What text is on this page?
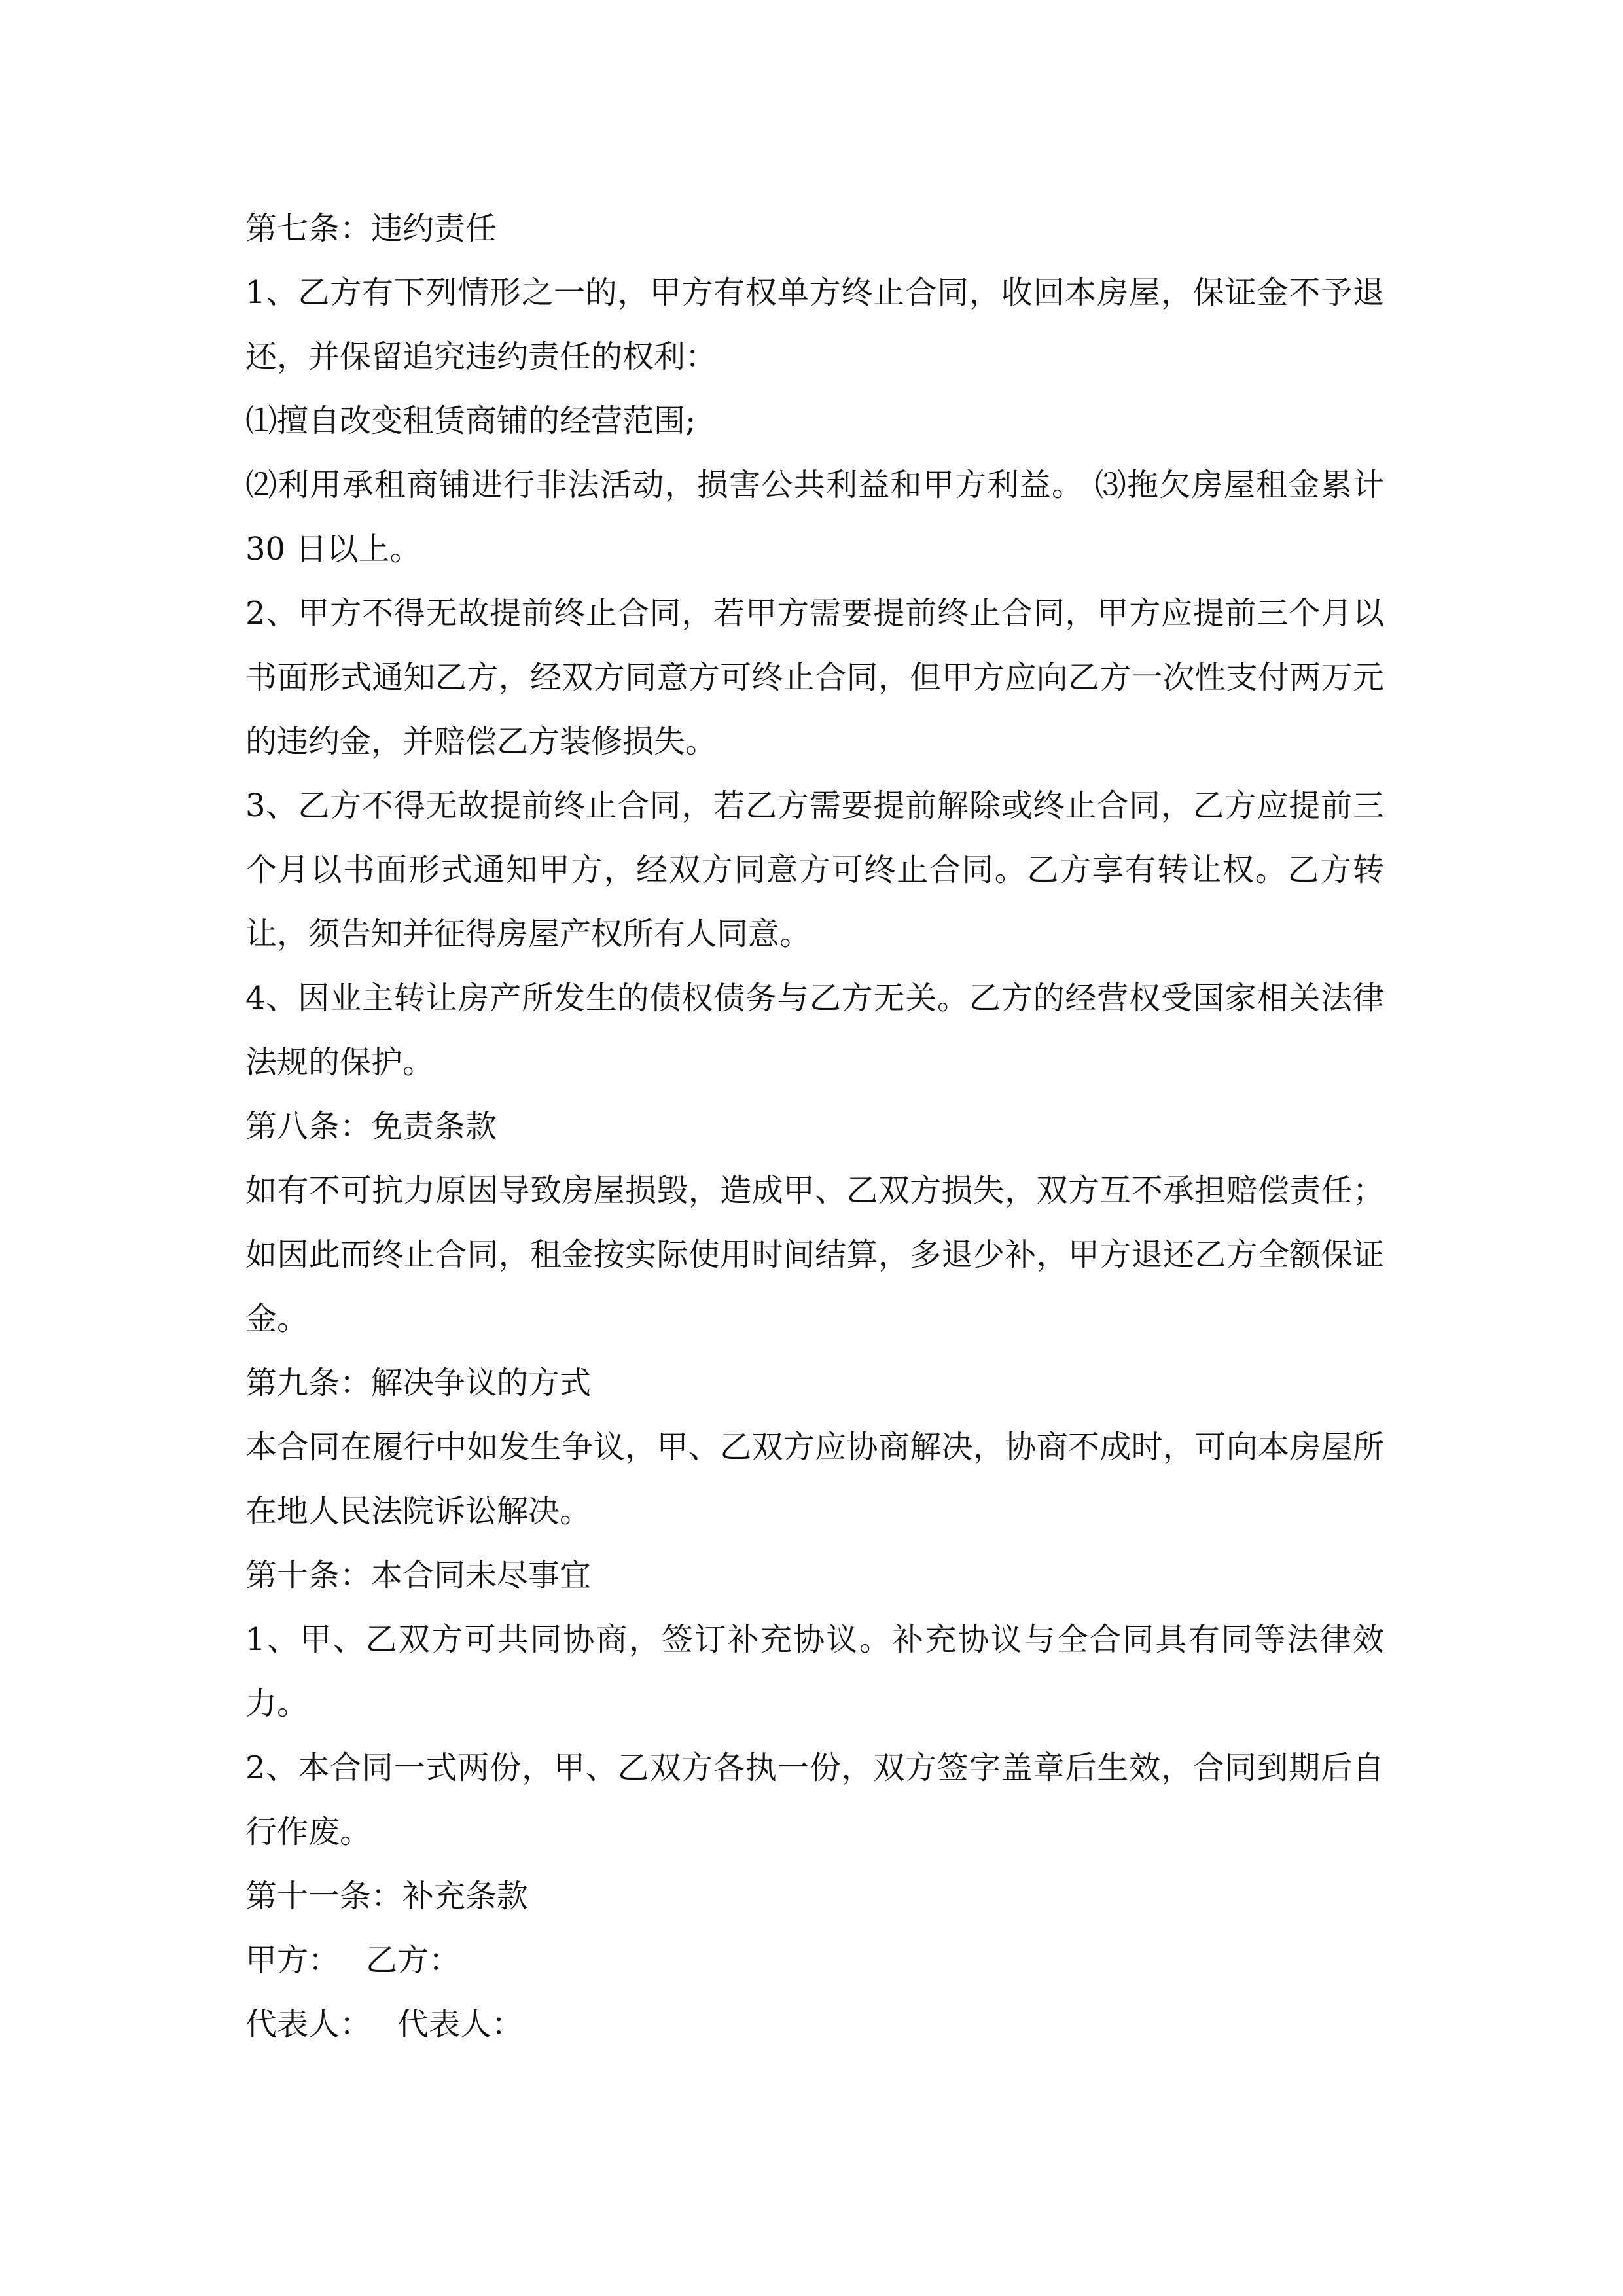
第七条：违约责任
1、乙方有下列情形之一的，甲方有权单方终止合同，收回本房屋，保证金不予退还，并保留追究违约责任的权利：
⑴擅自改变租赁商铺的经营范围;
⑵利用承租商铺进行非法活动，损害公共利益和甲方利益。 ⑶拖欠房屋租金累计 30 日以上。
2、甲方不得无故提前终止合同，若甲方需要提前终止合同，甲方应提前三个月以书面形式通知乙方，经双方同意方可终止合同，但甲方应向乙方一次性支付两万元的违约金，并赔偿乙方装修损失。
3、乙方不得无故提前终止合同，若乙方需要提前解除或终止合同，乙方应提前三个月以书面形式通知甲方，经双方同意方可终止合同。乙方享有转让权。乙方转让，须告知并征得房屋产权所有人同意。
4、因业主转让房产所发生的债权债务与乙方无关。乙方的经营权受国家相关法律法规的保护。
第八条：免责条款
如有不可抗力原因导致房屋损毁，造成甲、乙双方损失，双方互不承担赔偿责任；如因此而终止合同，租金按实际使用时间结算，多退少补，甲方退还乙方全额保证金。
第九条：解决争议的方式
本合同在履行中如发生争议，甲、乙双方应协商解决，协商不成时，可向本房屋所在地人民法院诉讼解决。
第十条：本合同未尽事宜
1、甲、乙双方可共同协商，签订补充协议。补充协议与全合同具有同等法律效力。
2、本合同一式两份，甲、乙双方各执一份，双方签字盖章后生效，合同到期后自行作废。
第十一条：补充条款
甲方： 乙方：
代表人： 代表人：
